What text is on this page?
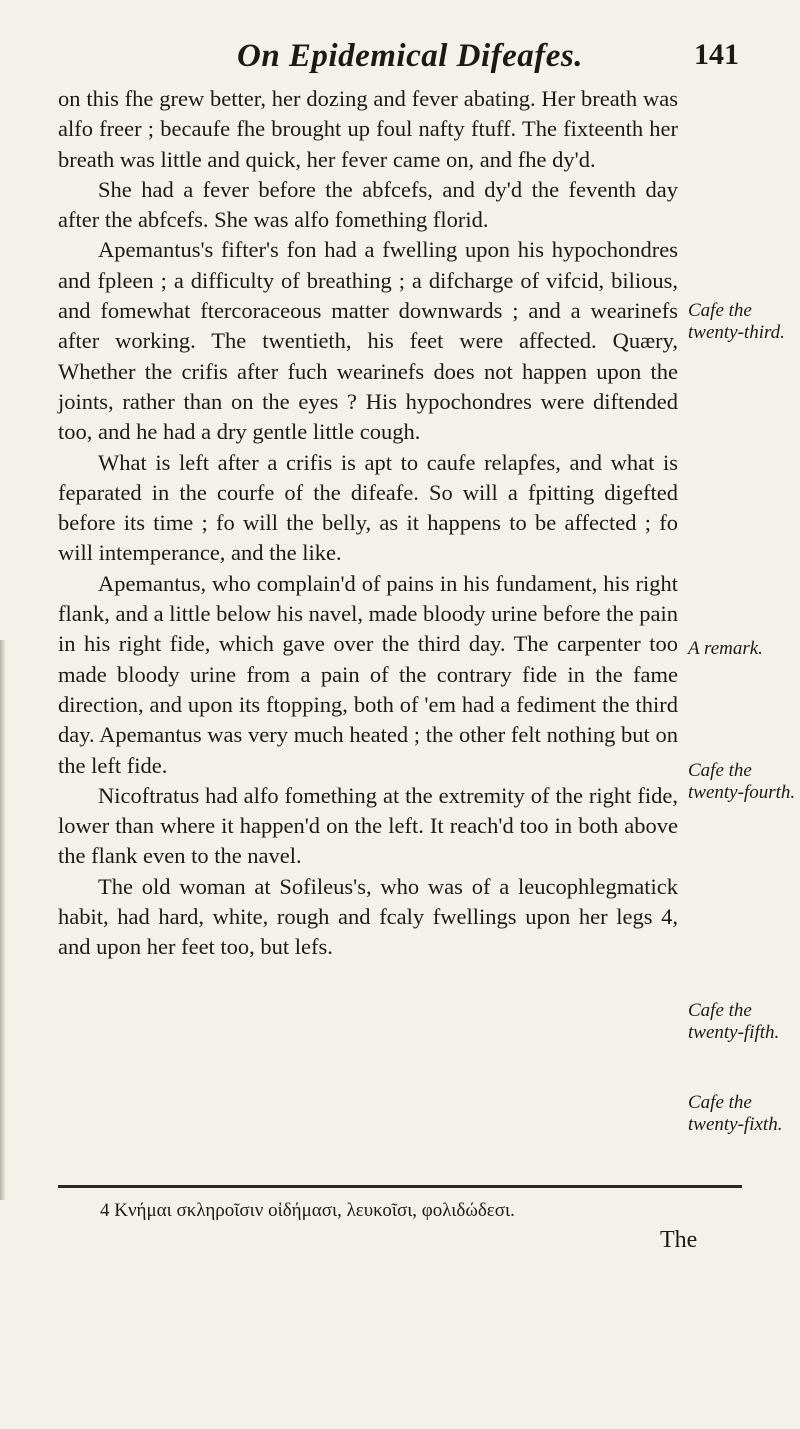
On Epidemical Difeafes.	141

on this fhe grew better, her dozing and fever abating. Her breath was alfo freer ; becaufe fhe brought up foul nafty ftuff. The fixteenth her breath was little and quick, her fever came on, and fhe dy'd.

She had a fever before the abfcefs, and dy'd the feventh day after the abfcefs. She was alfo fomething florid.

Apemantus's fifter's fon had a fwelling upon his hypochondres and fpleen ; a difficulty of breathing ; a difcharge of vifcid, bilious, and fomewhat ftercoraceous matter downwards ; and a wearinefs after working. The twentieth, his feet were affected. Quæry, Whether the crifis after fuch wearinefs does not happen upon the joints, rather than on the eyes ? His hypochondres were diftended too, and he had a dry gentle little cough.

What is left after a crifis is apt to caufe relapfes, and what is feparated in the courfe of the difeafe. So will a fpitting digefted before its time ; fo will the belly, as it happens to be affected ; fo will intemperance, and the like.

Apemantus, who complain'd of pains in his fundament, his right flank, and a little below his navel, made bloody urine before the pain in his right fide, which gave over the third day. The carpenter too made bloody urine from a pain of the contrary fide in the fame direction, and upon its ftopping, both of 'em had a fediment the third day. Apemantus was very much heated ; the other felt nothing but on the left fide.

Nicoftratus had alfo fomething at the extremity of the right fide, lower than where it happen'd on the left. It reach'd too in both above the flank even to the navel.

The old woman at Sofileus's, who was of a leucophlegmatick habit, had hard, white, rough and fcaly fwellings upon her legs 4, and upon her feet too, but lefs.

Cafe the twenty-third.
A remark.
Cafe the twenty-fourth.
Cafe the twenty-fifth.
Cafe the twenty-fixth.
4 Κνήμαι σκληροῖσιν οἰδήμασι, λευκοῖσι, φολιδώδεσι.
The
